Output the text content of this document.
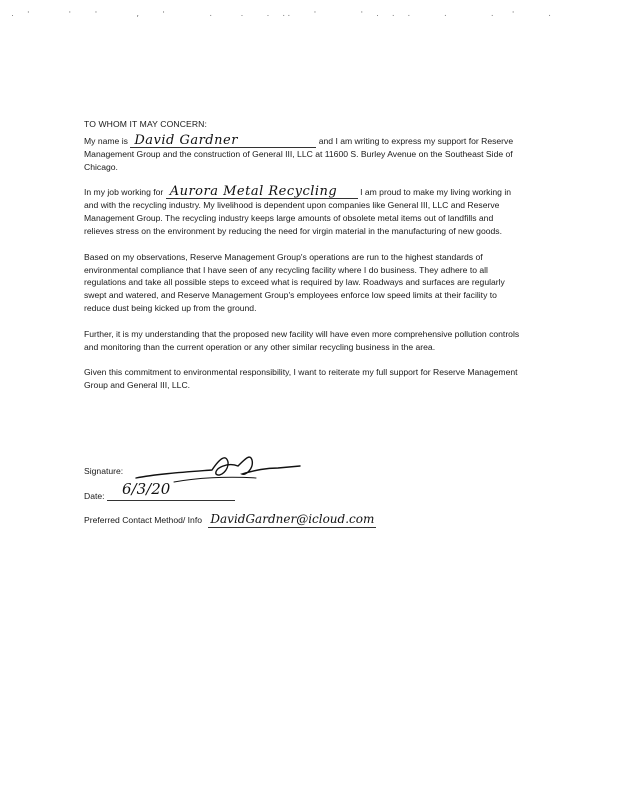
.  '       '    '       ,    '        .     .    .  ..    '        '  .  .  .      .        .   '      .
TO WHOM IT MAY CONCERN:

My name is David Gardner	and I am writing to express my support for Reserve Management Group and the construction of General III, LLC at 11600 S. Burley Avenue on the Southeast Side of Chicago.

In my job working for Aurora Metal Recycling	I am proud to make my living working in and with the recycling industry. My livelihood is dependent upon companies like General III, LLC and Reserve Management Group. The recycling industry keeps large amounts of obsolete metal items out of landfills and relieves stress on the environment by reducing the need for virgin material in the manufacturing of new goods.

Based on my observations, Reserve Management Group's operations are run to the highest standards of environmental compliance that I have seen of any recycling facility where I do business. They adhere to all regulations and take all possible steps to exceed what is required by law. Roadways and surfaces are regularly swept and watered, and Reserve Management Group's employees enforce low speed limits at their facility to reduce dust being kicked up from the ground.

Further, it is my understanding that the proposed new facility will have even more comprehensive pollution controls and monitoring than the current operation or any other similar recycling business in the area.

Given this commitment to environmental responsibility, I want to reiterate my full support for Reserve Management Group and General III, LLC.

Signature:
Date: 6/3/20
Preferred Contact Method/ Info DavidGardner@icloud.com
